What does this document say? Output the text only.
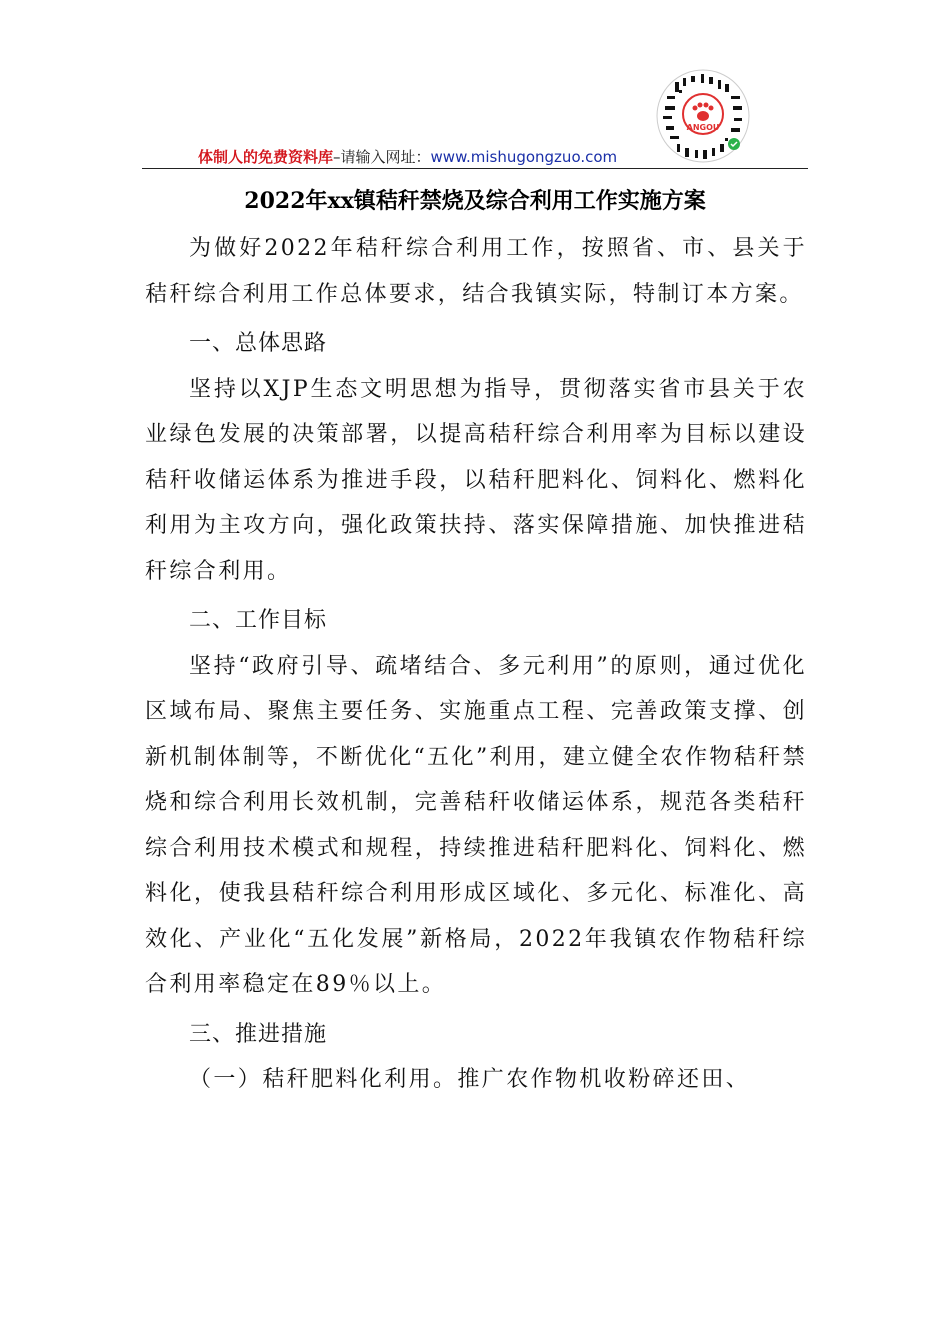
ANGOU
体制人的免费资料库–请输入网址：www.mishugongzuo.com
2022年xx镇秸秆禁烧及综合利用工作实施方案

为做好2022年秸秆综合利用工作，按照省、市、县关于秸秆综合利用工作总体要求，结合我镇实际，特制订本方案。

一、总体思路

坚持以XJP生态文明思想为指导，贯彻落实省市县关于农业绿色发展的决策部署，以提高秸秆综合利用率为目标以建设秸秆收储运体系为推进手段，以秸秆肥料化、饲料化、燃料化利用为主攻方向，强化政策扶持、落实保障措施、加快推进秸秆综合利用。

二、工作目标

坚持“政府引导、疏堵结合、多元利用”的原则，通过优化区域布局、聚焦主要任务、实施重点工程、完善政策支撑、创新机制体制等，不断优化“五化”利用，建立健全农作物秸秆禁烧和综合利用长效机制，完善秸秆收储运体系，规范各类秸秆综合利用技术模式和规程，持续推进秸秆肥料化、饲料化、燃料化，使我县秸秆综合利用形成区域化、多元化、标准化、高效化、产业化“五化发展”新格局，2022年我镇农作物秸秆综合利用率稳定在89％以上。

三、推进措施

（一）秸秆肥料化利用。推广农作物机收粉碎还田、
